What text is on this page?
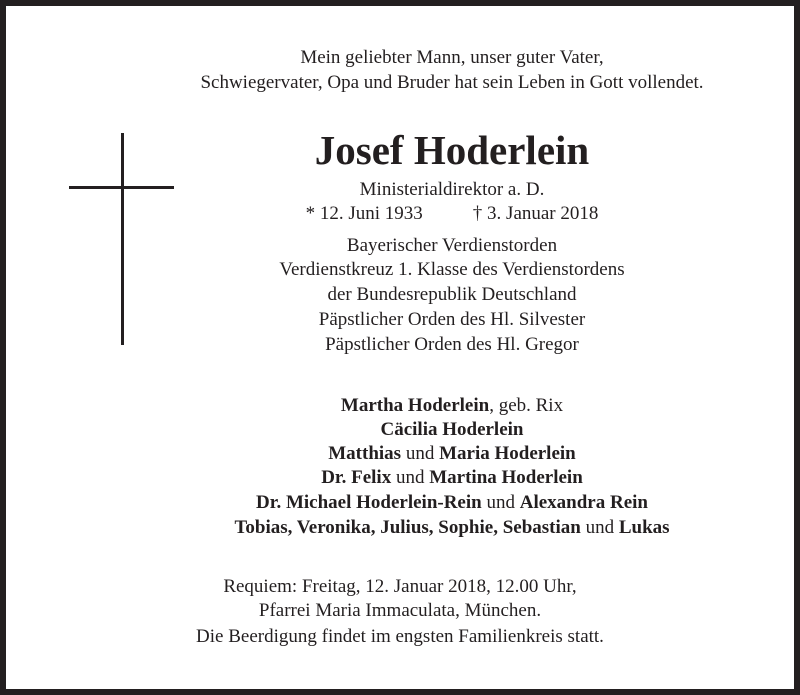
Mein geliebter Mann, unser guter Vater,
Schwiegervater, Opa und Bruder hat sein Leben in Gott vollendet.
Josef Hoderlein
Ministerialdirektor a. D.
* 12. Juni 1933	† 3. Januar 2018
Bayerischer Verdienstorden
Verdienstkreuz 1. Klasse des Verdienstordens
der Bundesrepublik Deutschland
Päpstlicher Orden des Hl. Silvester
Päpstlicher Orden des Hl. Gregor
Martha Hoderlein, geb. Rix
Cäcilia Hoderlein
Matthias und Maria Hoderlein
Dr. Felix und Martina Hoderlein
Dr. Michael Hoderlein-Rein und Alexandra Rein
Tobias, Veronika, Julius, Sophie, Sebastian und Lukas
Requiem: Freitag, 12. Januar 2018, 12.00 Uhr,
Pfarrei Maria Immaculata, München.
Die Beerdigung findet im engsten Familienkreis statt.
